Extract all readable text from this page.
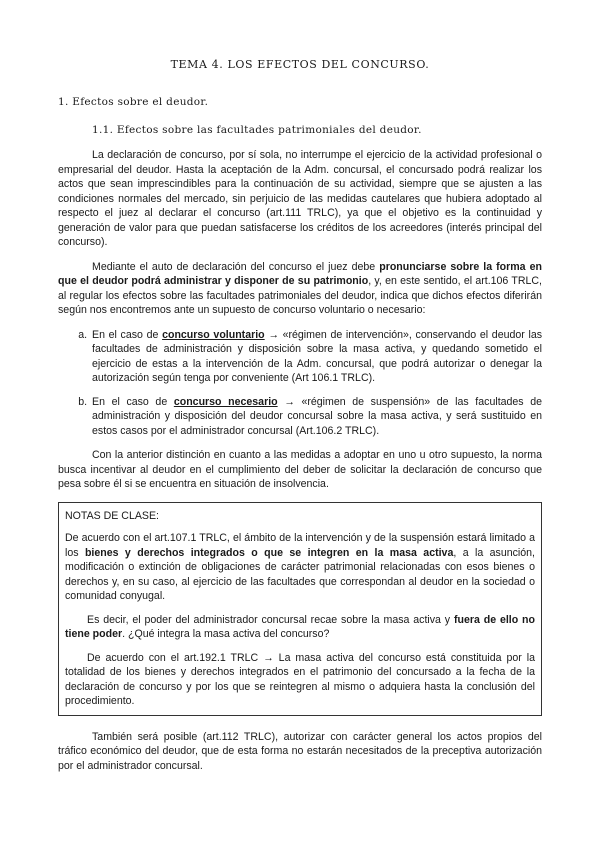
TEMA 4. LOS EFECTOS DEL CONCURSO.
1. Efectos sobre el deudor.
1.1. Efectos sobre las facultades patrimoniales del deudor.

La declaración de concurso, por sí sola, no interrumpe el ejercicio de la actividad profesional o empresarial del deudor. Hasta la aceptación de la Adm. concursal, el concursado podrá realizar los actos que sean imprescindibles para la continuación de su actividad, siempre que se ajusten a las condiciones normales del mercado, sin perjuicio de las medidas cautelares que hubiera adoptado al respecto el juez al declarar el concurso (art.111 TRLC), ya que el objetivo es la continuidad y generación de valor para que puedan satisfacerse los créditos de los acreedores (interés principal del concurso).

Mediante el auto de declaración del concurso el juez debe pronunciarse sobre la forma en que el deudor podrá administrar y disponer de su patrimonio, y, en este sentido, el art.106 TRLC, al regular los efectos sobre las facultades patrimoniales del deudor, indica que dichos efectos diferirán según nos encontremos ante un supuesto de concurso voluntario o necesario:

a. En el caso de concurso voluntario → «régimen de intervención», conservando el deudor las facultades de administración y disposición sobre la masa activa, y quedando sometido el ejercicio de estas a la intervención de la Adm. concursal, que podrá autorizar o denegar la autorización según tenga por conveniente (Art 106.1 TRLC).
b. En el caso de concurso necesario → «régimen de suspensión» de las facultades de administración y disposición del deudor concursal sobre la masa activa, y será sustituido en estos casos por el administrador concursal (Art.106.2 TRLC).

Con la anterior distinción en cuanto a las medidas a adoptar en uno u otro supuesto, la norma busca incentivar al deudor en el cumplimiento del deber de solicitar la declaración de concurso que pesa sobre él si se encuentra en situación de insolvencia.

NOTAS DE CLASE:

De acuerdo con el art.107.1 TRLC, el ámbito de la intervención y de la suspensión estará limitado a los bienes y derechos integrados o que se integren en la masa activa, a la asunción, modificación o extinción de obligaciones de carácter patrimonial relacionadas con esos bienes o derechos y, en su caso, al ejercicio de las facultades que correspondan al deudor en la sociedad o comunidad conyugal.

Es decir, el poder del administrador concursal recae sobre la masa activa y fuera de ello no tiene poder. ¿Qué integra la masa activa del concurso?

De acuerdo con el art.192.1 TRLC → La masa activa del concurso está constituida por la totalidad de los bienes y derechos integrados en el patrimonio del concursado a la fecha de la declaración de concurso y por los que se reintegren al mismo o adquiera hasta la conclusión del procedimiento.

También será posible (art.112 TRLC), autorizar con carácter general los actos propios del tráfico económico del deudor, que de esta forma no estarán necesitados de la preceptiva autorización por el administrador concursal.
